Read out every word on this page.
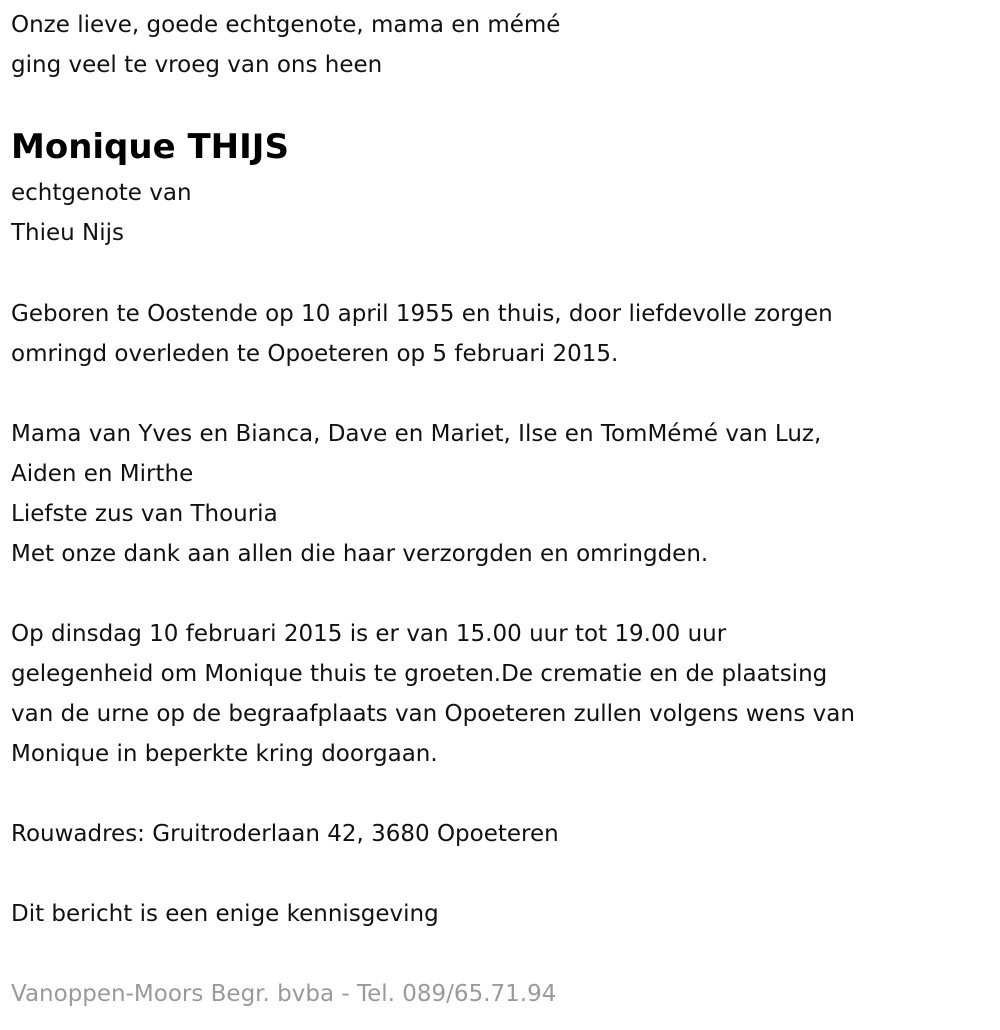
Onze lieve, goede echtgenote, mama en mémé
ging veel te vroeg van ons heen
Monique THIJS
echtgenote van
Thieu Nijs
Geboren te Oostende op 10 april 1955 en thuis, door liefdevolle zorgen
omringd overleden te Opoeteren op 5 februari 2015.
Mama van Yves en Bianca, Dave en Mariet, Ilse en TomMémé van Luz,
Aiden en Mirthe
Liefste zus van Thouria
Met onze dank aan allen die haar verzorgden en omringden.
Op dinsdag 10 februari 2015 is er van 15.00 uur tot 19.00 uur
gelegenheid om Monique thuis te groeten.De crematie en de plaatsing
van de urne op de begraafplaats van Opoeteren zullen volgens wens van
Monique in beperkte kring doorgaan.
Rouwadres: Gruitroderlaan 42, 3680 Opoeteren
Dit bericht is een enige kennisgeving
Vanoppen-Moors Begr. bvba - Tel. 089/65.71.94
